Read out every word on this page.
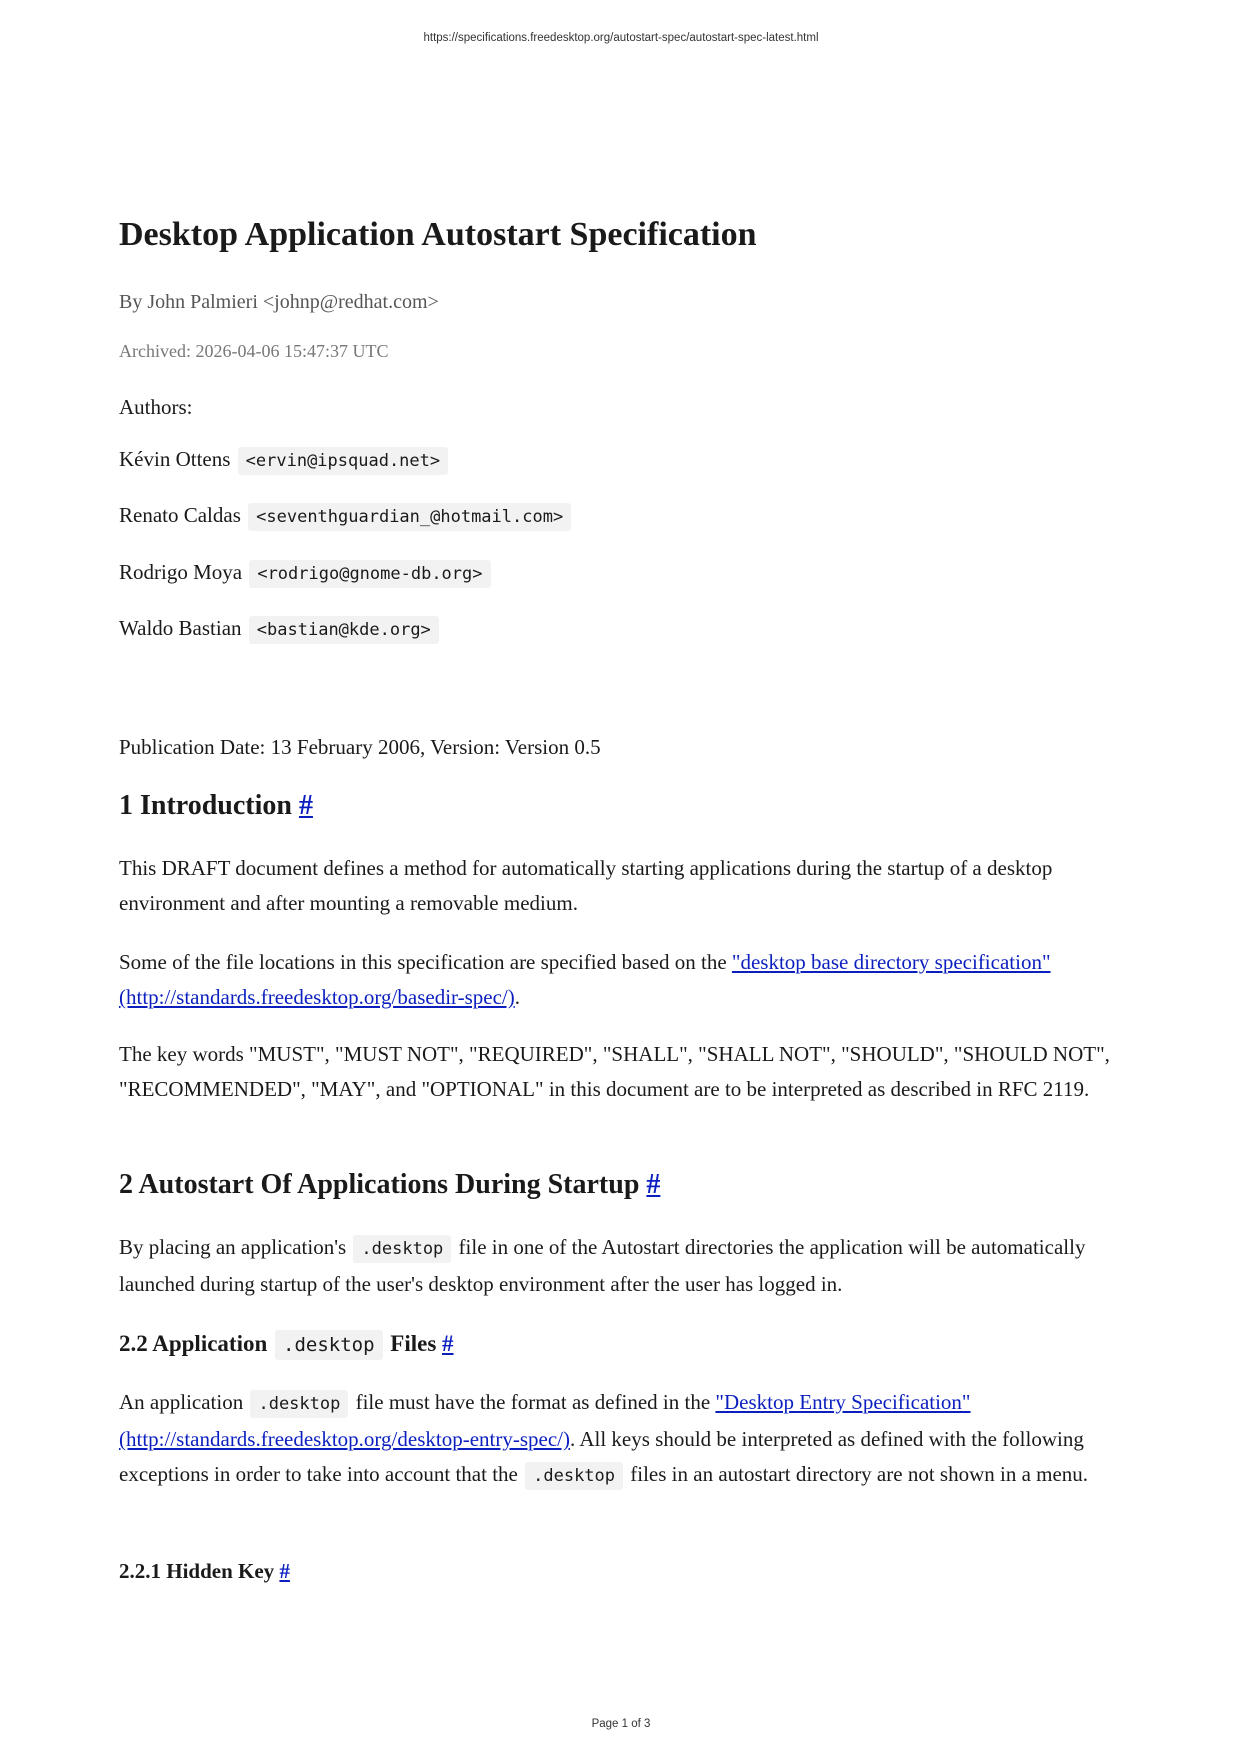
https://specifications.freedesktop.org/autostart-spec/autostart-spec-latest.html
Desktop Application Autostart Specification
By John Palmieri <johnp@redhat.com>
Archived: 2026-04-06 15:47:37 UTC
Authors:
Kévin Ottens <ervin@ipsquad.net>
Renato Caldas <seventhguardian_@hotmail.com>
Rodrigo Moya <rodrigo@gnome-db.org>
Waldo Bastian <bastian@kde.org>
Publication Date: 13 February 2006, Version: Version 0.5
1 Introduction #

This DRAFT document defines a method for automatically starting applications during the startup of a desktop environment and after mounting a removable medium.

Some of the file locations in this specification are specified based on the "desktop base directory specification" (http://standards.freedesktop.org/basedir-spec/).

The key words "MUST", "MUST NOT", "REQUIRED", "SHALL", "SHALL NOT", "SHOULD", "SHOULD NOT", "RECOMMENDED", "MAY", and "OPTIONAL" in this document are to be interpreted as described in RFC 2119.

2 Autostart Of Applications During Startup #

By placing an application's .desktop file in one of the Autostart directories the application will be automatically launched during startup of the user's desktop environment after the user has logged in.

2.2 Application .desktop Files #

An application .desktop file must have the format as defined in the "Desktop Entry Specification" (http://standards.freedesktop.org/desktop-entry-spec/). All keys should be interpreted as defined with the following exceptions in order to take into account that the .desktop files in an autostart directory are not shown in a menu.

2.2.1 Hidden Key #
Page 1 of 3
